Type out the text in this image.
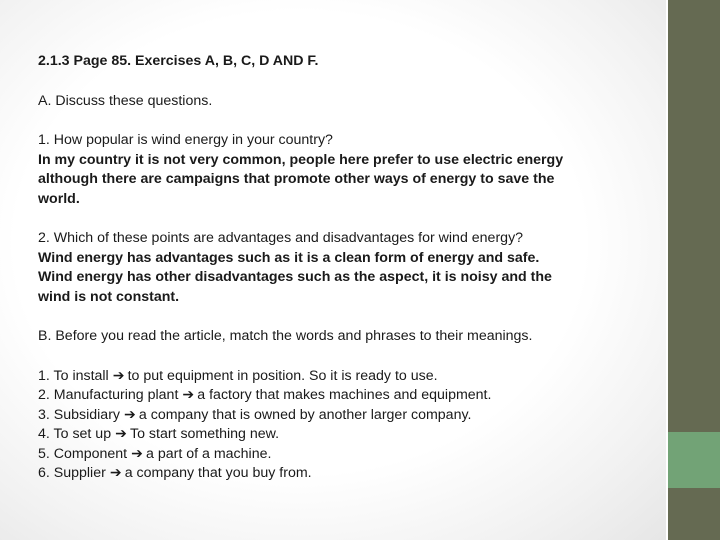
2.1.3 Page 85. Exercises A, B, C, D AND F.
A. Discuss these questions.
1. How popular is wind energy in your country?
In my country it is not very common, people here prefer to use electric energy
although there are campaigns that promote other ways of energy to save the
world.
2. Which of these points are advantages and disadvantages for wind energy?
Wind energy has advantages such as it is a clean form of energy and safe.
Wind energy has other disadvantages such as the aspect, it is noisy and the
wind is not constant.
B. Before you read the article, match the words and phrases to their meanings.
1. To install ➔ to put equipment in position. So it is ready to use.
2. Manufacturing plant ➔ a factory that makes machines and equipment.
3. Subsidiary ➔ a company that is owned by another larger company.
4. To set up ➔ To start something new.
5. Component ➔ a part of a machine.
6. Supplier ➔ a company that you buy from.
